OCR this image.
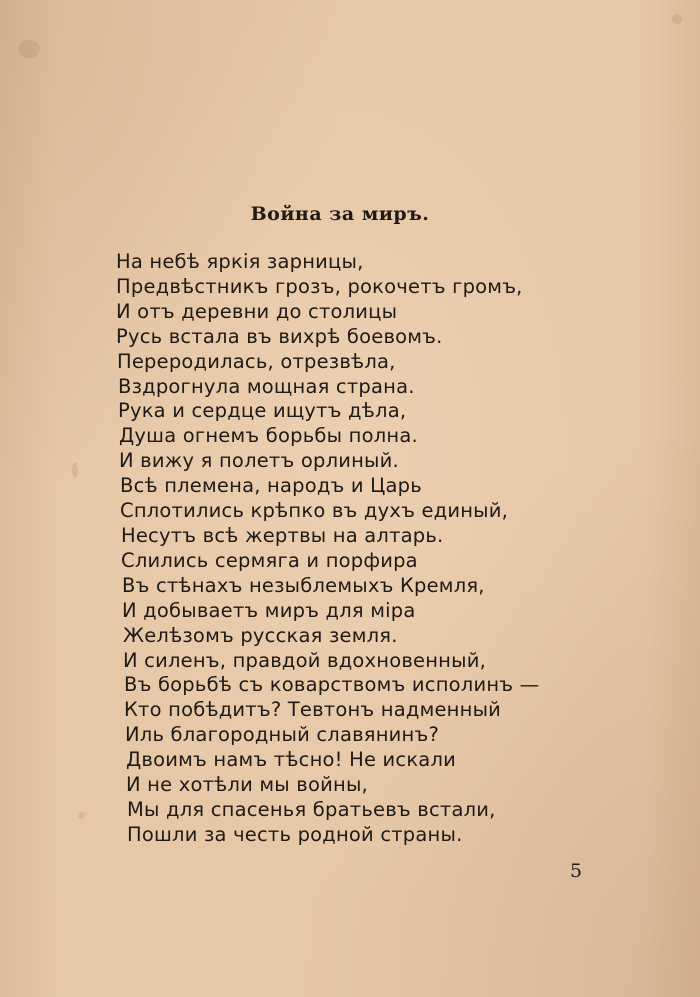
Война за миръ.
На небѣ яркія зарницы,
Предвѣстникъ грозъ, рокочетъ громъ,
И отъ деревни до столицы
Русь встала въ вихрѣ боевомъ.
Переродилась, отрезвѣла,
Вздрогнула мощная страна.
Рука и сердце ищутъ дѣла,
Душа огнемъ борьбы полна.
И вижу я полетъ орлиный.
Всѣ племена, народъ и Царь
Сплотились крѣпко въ духъ единый,
Несутъ всѣ жертвы на алтарь.
Слились сермяга и порфира
Въ стѣнахъ незыблемыхъ Кремля,
И добываетъ миръ для міра
Желѣзомъ русская земля.
И силенъ, правдой вдохновенный,
Въ борьбѣ съ коварствомъ исполинъ —
Кто побѣдитъ? Тевтонъ надменный
Иль благородный славянинъ?
Двоимъ намъ тѣсно! Не искали
И не хотѣли мы войны,
Мы для спасенья братьевъ встали,
Пошли за честь родной страны.
5
